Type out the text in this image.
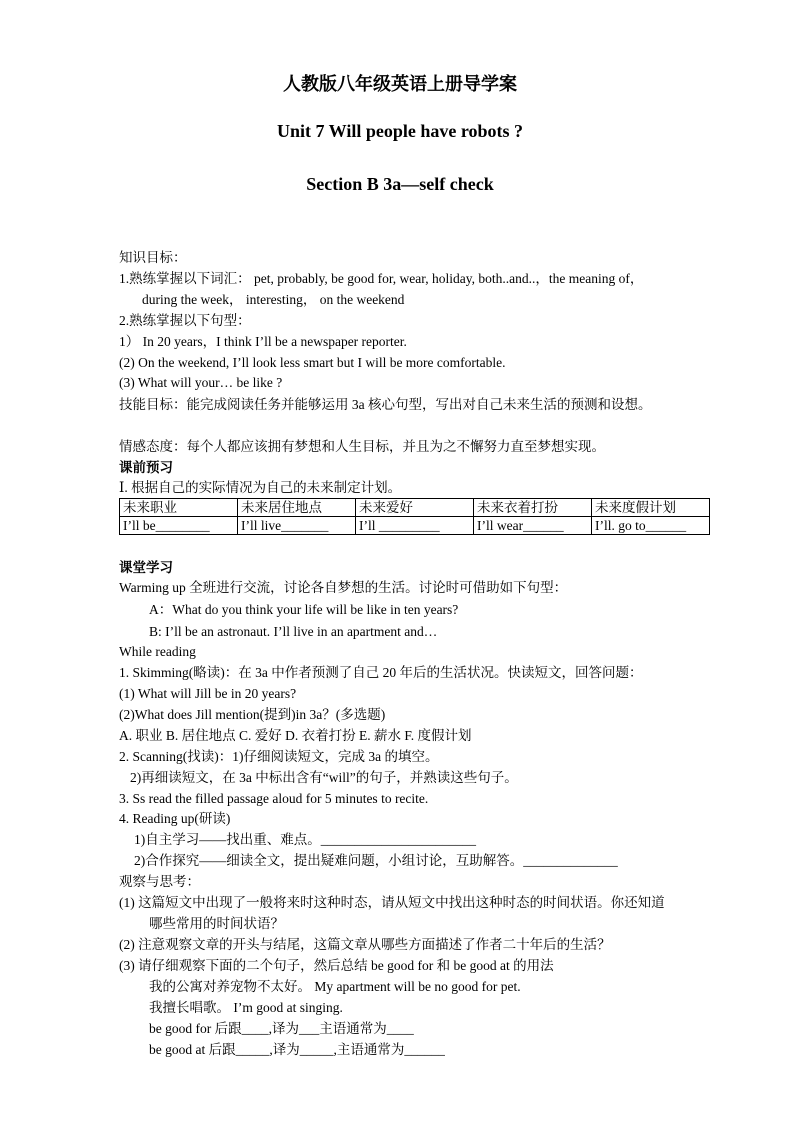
人教版八年级英语上册导学案
Unit 7 Will people have robots ?
Section B 3a—self check
知识目标：
1.熟练掌握以下词汇： pet, probably, be good for, wear, holiday, both..and..，the meaning of，
during the week， interesting， on the weekend
2.熟练掌握以下句型：
1） In 20 years，I think I’ll be a newspaper reporter.
(2) On the weekend, I’ll look less smart but I will be more comfortable.
(3) What will your… be like ?
技能目标：能完成阅读任务并能够运用 3a 核心句型，写出对自己未来生活的预测和设想。
情感态度：每个人都应该拥有梦想和人生目标，并且为之不懈努力直至梦想实现。
课前预习
Ⅰ. 根据自己的实际情况为自己的未来制定计划。
未来职业	未来居住地点	未来爱好	未来衣着打扮	未来度假计划
I’ll be________	I’ll live_______	I’ll _________	I’ll wear______	I’ll. go to______
课堂学习
Warming up 全班进行交流，讨论各自梦想的生活。讨论时可借助如下句型：
A：What do you think your life will be like in ten years?
B: I’ll be an astronaut. I’ll live in an apartment and…
While reading
1. Skimming(略读)：在 3a 中作者预测了自己 20 年后的生活状况。快读短文，回答问题：
(1) What will Jill be in 20 years?
(2)What does Jill mention(提到)in 3a？(多选题)
A. 职业 B. 居住地点 C. 爱好 D. 衣着打扮 E. 薪水 F. 度假计划
2. Scanning(找读)：1)仔细阅读短文，完成 3a 的填空。
2)再细读短文，在 3a 中标出含有“will”的句子，并熟读这些句子。
3. Ss read the filled passage aloud for 5 minutes to recite.
4. Reading up(研读)
1)自主学习——找出重、难点。_______________________
2)合作探究——细读全文，提出疑难问题，小组讨论，互助解答。______________
观察与思考：
(1) 这篇短文中出现了一般将来时这种时态，请从短文中找出这种时态的时间状语。你还知道
哪些常用的时间状语？
(2) 注意观察文章的开头与结尾，这篇文章从哪些方面描述了作者二十年后的生活？
(3) 请仔细观察下面的二个句子，然后总结 be good for 和 be good at 的用法
我的公寓对养宠物不太好。 My apartment will be no good for pet.
我擅长唱歌。 I’m good at singing.
be good for 后跟____,译为___主语通常为____
be good at 后跟_____,译为_____,主语通常为______
